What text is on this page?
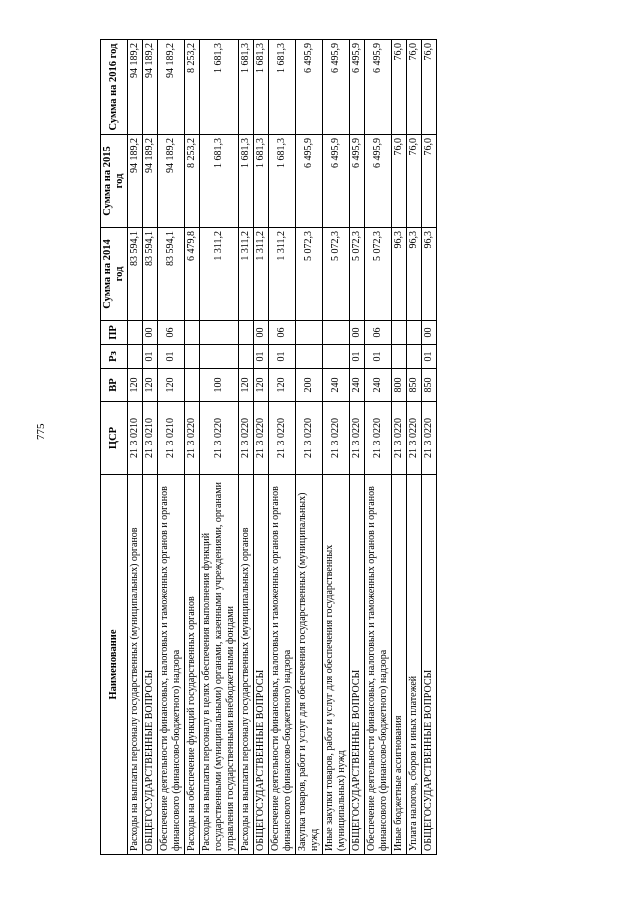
775
Наименование	ЦСР	ВР	Рз	ПР	Сумма на 2014 год	Сумма на 2015 год	Сумма на 2016 год
Расходы на выплаты персоналу государственных (муниципальных) органов	21 3 0210	120			83 594,1	94 189,2	94 189,2
ОБЩЕГОСУДАРСТВЕННЫЕ ВОПРОСЫ	21 3 0210	120	01	00	83 594,1	94 189,2	94 189,2
Обеспечение деятельности финансовых, налоговых и таможенных органов и органов финансового (финансово-бюджетного) надзора	21 3 0210	120	01	06	83 594,1	94 189,2	94 189,2
Расходы на обеспечение функций государственных органов	21 3 0220				6 479,8	8 253,2	8 253,2
Расходы на выплаты персоналу в целях обеспечения выполнения функций государственными (муниципальными) органами, казенными учреждениями, органами управления государственными внебюджетными фондами	21 3 0220	100			1 311,2	1 681,3	1 681,3
Расходы на выплаты персоналу государственных (муниципальных) органов	21 3 0220	120			1 311,2	1 681,3	1 681,3
ОБЩЕГОСУДАРСТВЕННЫЕ ВОПРОСЫ	21 3 0220	120	01	00	1 311,2	1 681,3	1 681,3
Обеспечение деятельности финансовых, налоговых и таможенных органов и органов финансового (финансово-бюджетного) надзора	21 3 0220	120	01	06	1 311,2	1 681,3	1 681,3
Закупка товаров, работ и услуг для обеспечения государственных (муниципальных) нужд	21 3 0220	200			5 072,3	6 495,9	6 495,9
Иные закупки товаров, работ и услуг для обеспечения государственных (муниципальных) нужд	21 3 0220	240			5 072,3	6 495,9	6 495,9
ОБЩЕГОСУДАРСТВЕННЫЕ ВОПРОСЫ	21 3 0220	240	01	00	5 072,3	6 495,9	6 495,9
Обеспечение деятельности финансовых, налоговых и таможенных органов и органов финансового (финансово-бюджетного) надзора	21 3 0220	240	01	06	5 072,3	6 495,9	6 495,9
Иные бюджетные ассигнования	21 3 0220	800			96,3	76,0	76,0
Уплата налогов, сборов и иных платежей	21 3 0220	850			96,3	76,0	76,0
ОБЩЕГОСУДАРСТВЕННЫЕ ВОПРОСЫ	21 3 0220	850	01	00	96,3	76,0	76,0
